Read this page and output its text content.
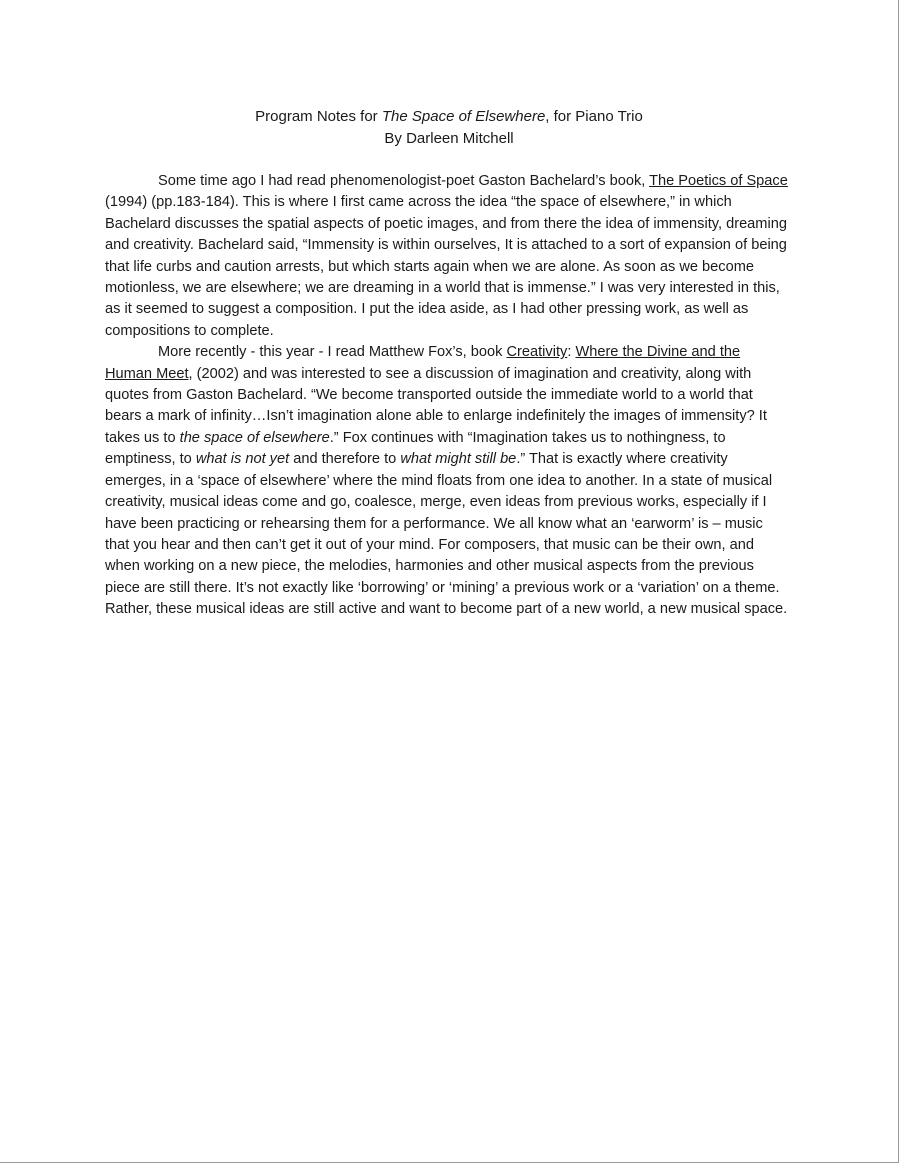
Program Notes for The Space of Elsewhere, for Piano Trio
By Darleen Mitchell

Some time ago I had read phenomenologist-poet Gaston Bachelard’s book, The Poetics of Space (1994) (pp.183-184). This is where I first came across the idea “the space of elsewhere,” in which Bachelard discusses the spatial aspects of poetic images, and from there the idea of immensity, dreaming and creativity. Bachelard said, “Immensity is within ourselves, It is attached to a sort of expansion of being that life curbs and caution arrests, but which starts again when we are alone. As soon as we become motionless, we are elsewhere; we are dreaming in a world that is immense.” I was very interested in this, as it seemed to suggest a composition. I put the idea aside, as I had other pressing work, as well as compositions to complete.

More recently - this year - I read Matthew Fox’s, book Creativity: Where the Divine and the Human Meet, (2002) and was interested to see a discussion of imagination and creativity, along with quotes from Gaston Bachelard. “We become transported outside the immediate world to a world that bears a mark of infinity…Isn’t imagination alone able to enlarge indefinitely the images of immensity? It takes us to the space of elsewhere.” Fox continues with “Imagination takes us to nothingness, to emptiness, to what is not yet and therefore to what might still be.” That is exactly where creativity emerges, in a ‘space of elsewhere’ where the mind floats from one idea to another. In a state of musical creativity, musical ideas come and go, coalesce, merge, even ideas from previous works, especially if I have been practicing or rehearsing them for a performance. We all know what an ‘earworm’ is – music that you hear and then can’t get it out of your mind. For composers, that music can be their own, and when working on a new piece, the melodies, harmonies and other musical aspects from the previous piece are still there. It’s not exactly like ‘borrowing’ or ‘mining’ a previous work or a ‘variation’ on a theme. Rather, these musical ideas are still active and want to become part of a new world, a new musical space.
